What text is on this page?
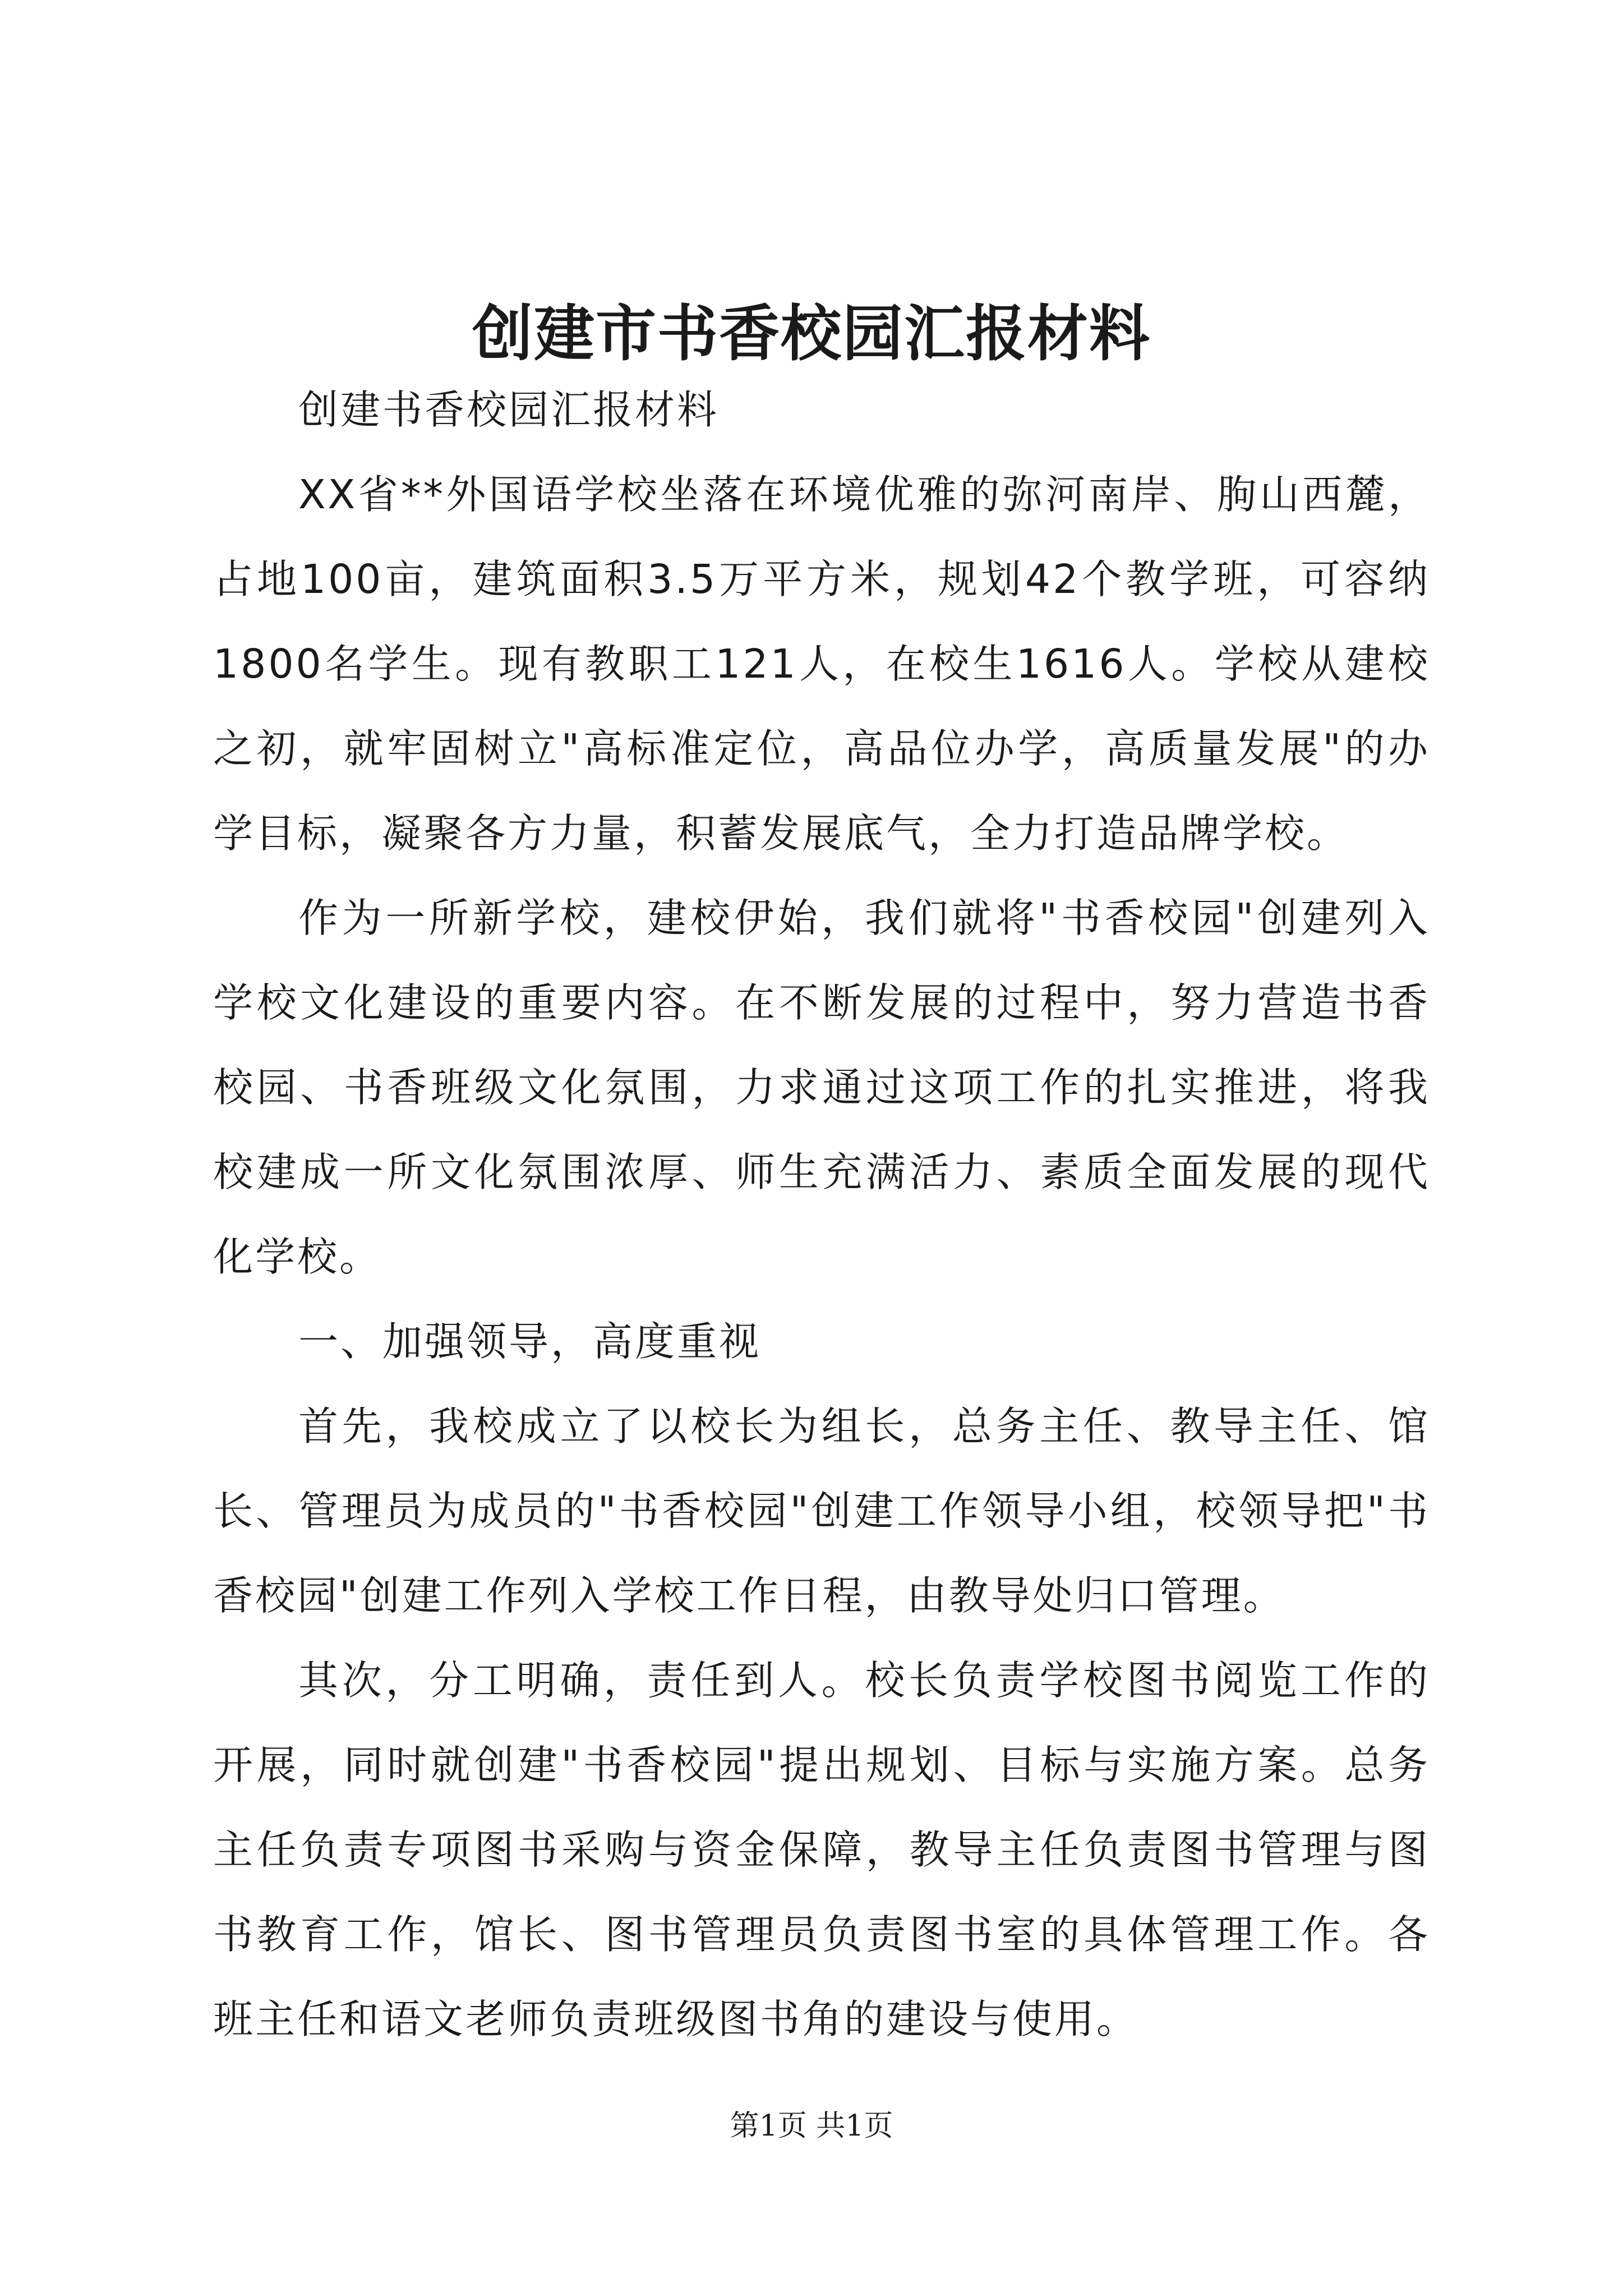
创建市书香校园汇报材料

创建书香校园汇报材料

XX省**外国语学校坐落在环境优雅的弥河南岸、朐山西麓，占地100亩，建筑面积3.5万平方米，规划42个教学班，可容纳1800名学生。现有教职工121人，在校生1616人。学校从建校之初，就牢固树立"高标准定位，高品位办学，高质量发展"的办学目标，凝聚各方力量，积蓄发展底气，全力打造品牌学校。

作为一所新学校，建校伊始，我们就将"书香校园"创建列入学校文化建设的重要内容。在不断发展的过程中，努力营造书香校园、书香班级文化氛围，力求通过这项工作的扎实推进，将我校建成一所文化氛围浓厚、师生充满活力、素质全面发展的现代化学校。

一、加强领导，高度重视

首先，我校成立了以校长为组长，总务主任、教导主任、馆长、管理员为成员的"书香校园"创建工作领导小组，校领导把"书香校园"创建工作列入学校工作日程，由教导处归口管理。

其次，分工明确，责任到人。校长负责学校图书阅览工作的开展，同时就创建"书香校园"提出规划、目标与实施方案。总务主任负责专项图书采购与资金保障，教导主任负责图书管理与图书教育工作，馆长、图书管理员负责图书室的具体管理工作。各班主任和语文老师负责班级图书角的建设与使用。

第1页 共1页
